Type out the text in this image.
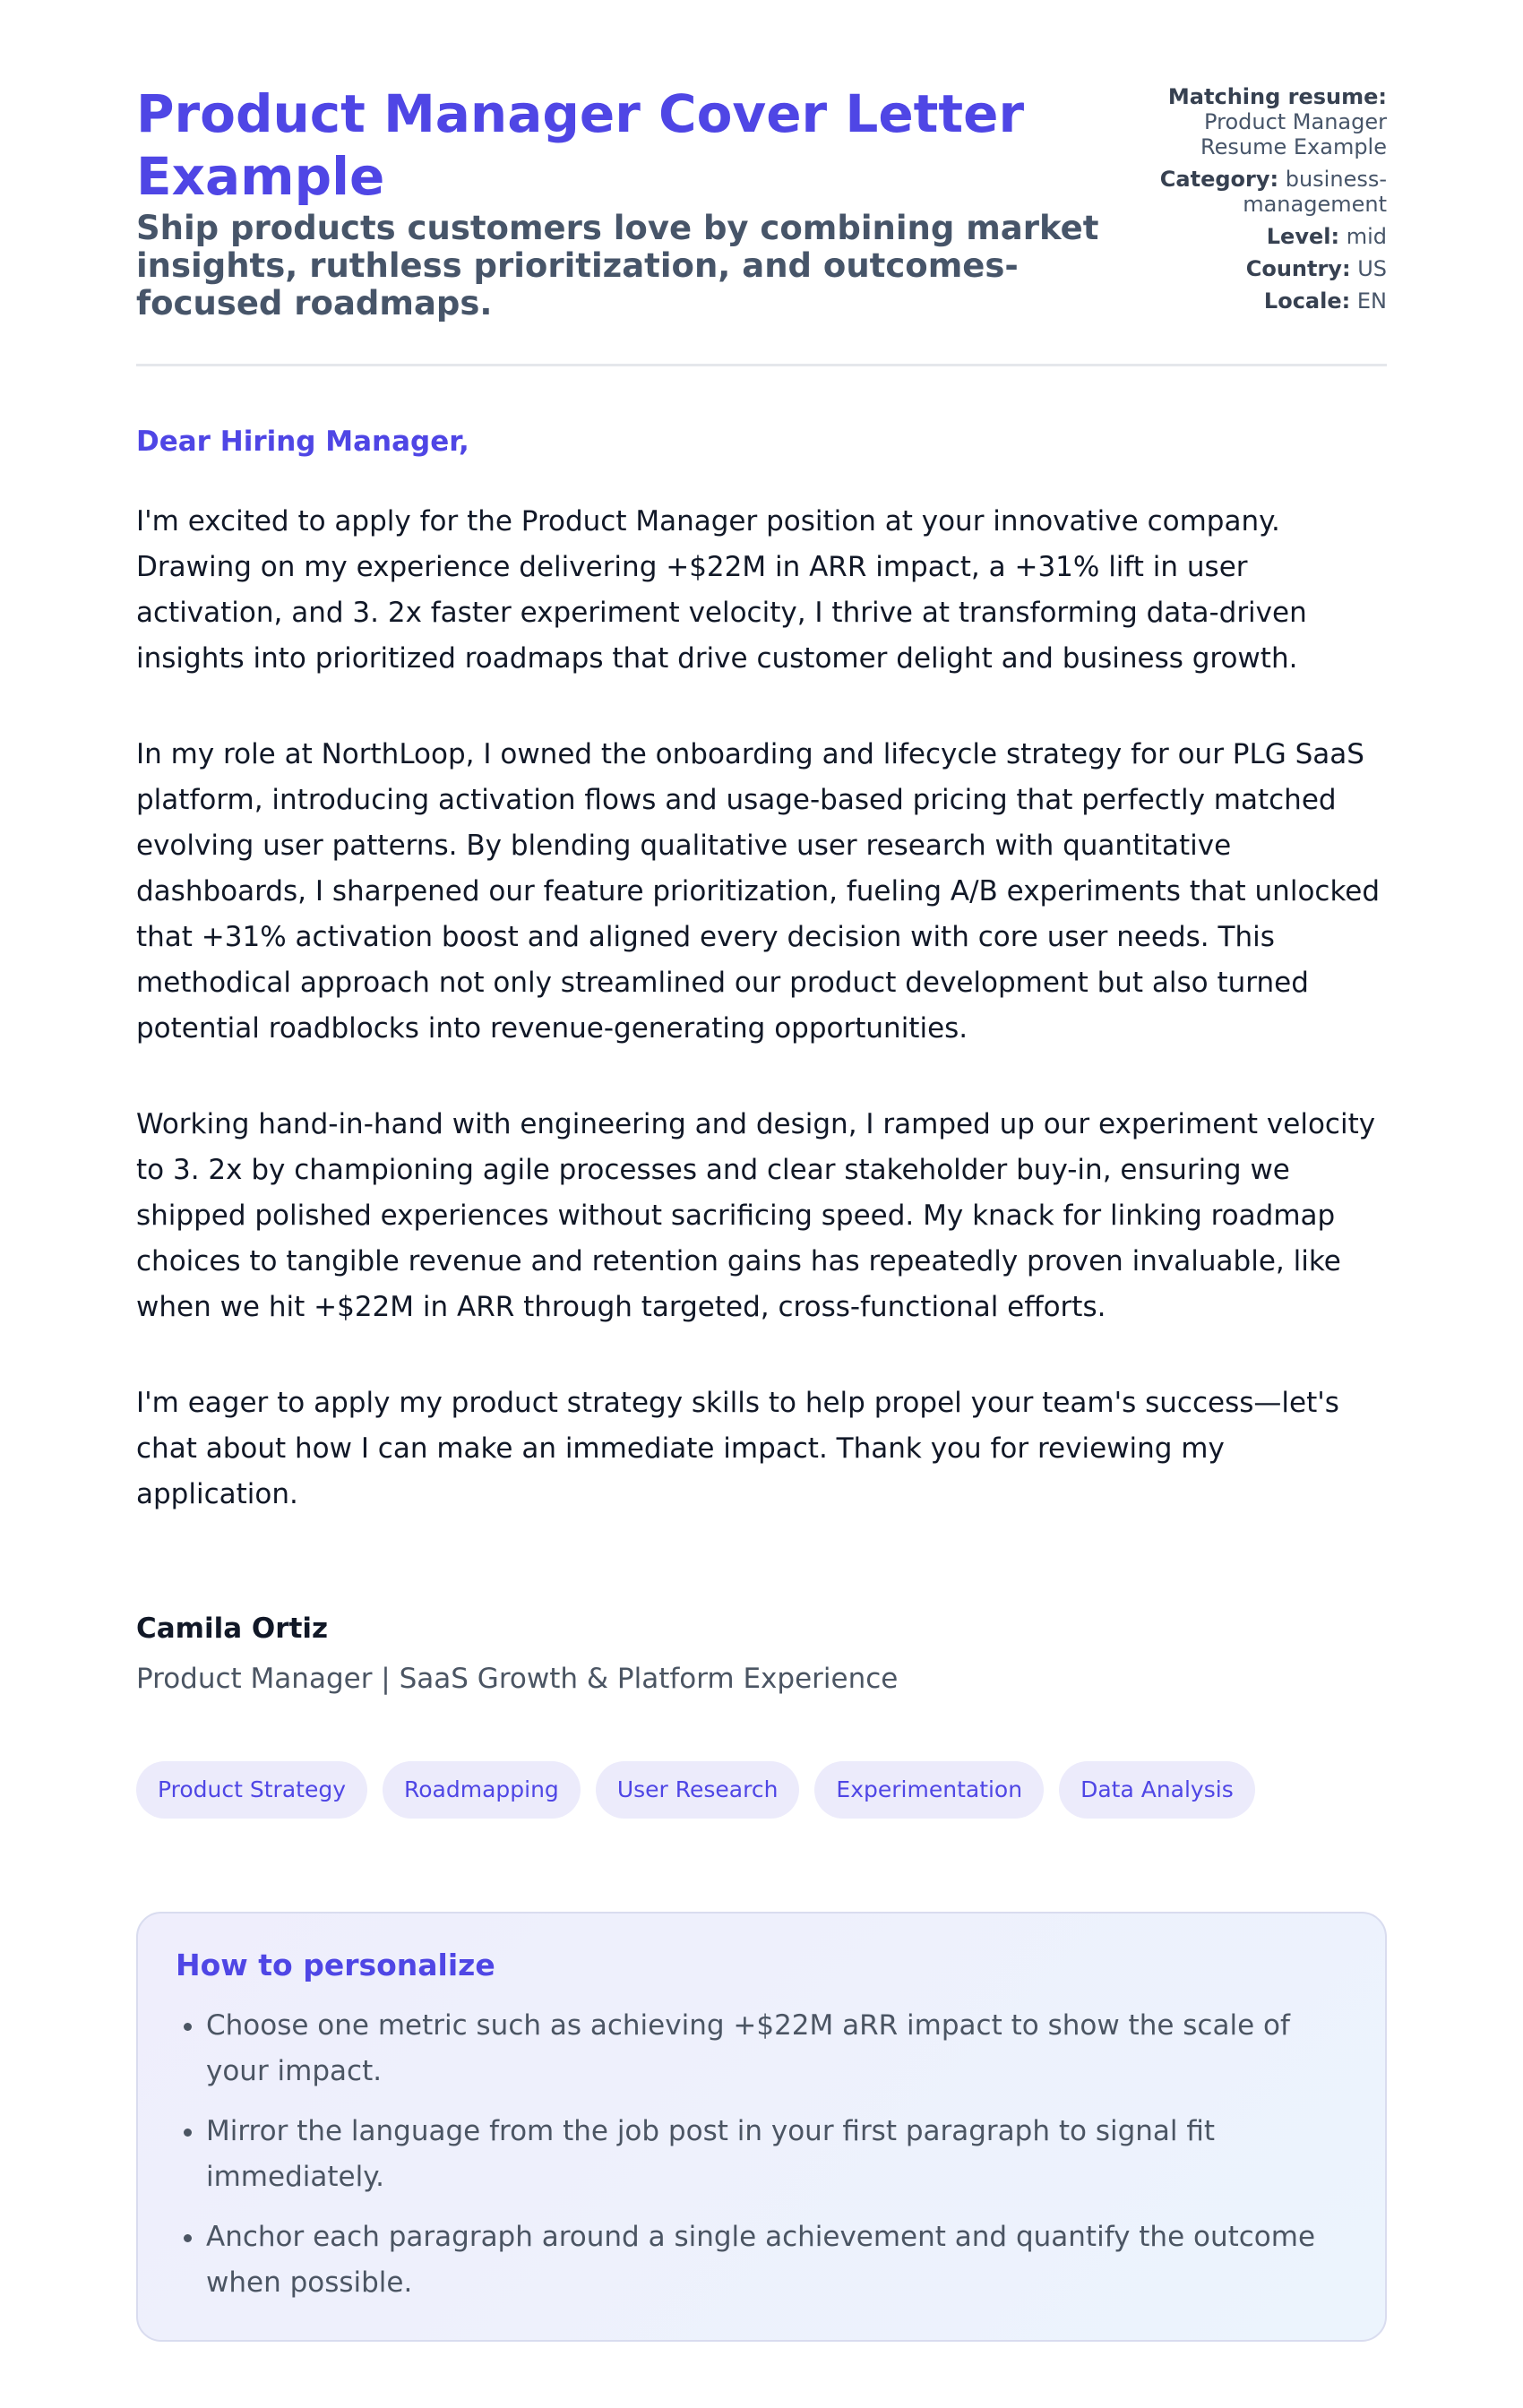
Product Manager Cover Letter Example

Ship products customers love by combining market insights, ruthless prioritization, and outcomes-focused roadmaps.

Matching resume:
Product Manager Resume Example
Category: business-management
Level: mid
Country: US
Locale: EN

Dear Hiring Manager,

I'm excited to apply for the Product Manager position at your innovative company. Drawing on my experience delivering +$22M in ARR impact, a +31% lift in user activation, and 3. 2x faster experiment velocity, I thrive at transforming data-driven insights into prioritized roadmaps that drive customer delight and business growth.

In my role at NorthLoop, I owned the onboarding and lifecycle strategy for our PLG SaaS platform, introducing activation flows and usage-based pricing that perfectly matched evolving user patterns. By blending qualitative user research with quantitative dashboards, I sharpened our feature prioritization, fueling A/B experiments that unlocked that +31% activation boost and aligned every decision with core user needs. This methodical approach not only streamlined our product development but also turned potential roadblocks into revenue-generating opportunities.

Working hand-in-hand with engineering and design, I ramped up our experiment velocity to 3. 2x by championing agile processes and clear stakeholder buy-in, ensuring we shipped polished experiences without sacrificing speed. My knack for linking roadmap choices to tangible revenue and retention gains has repeatedly proven invaluable, like when we hit +$22M in ARR through targeted, cross-functional efforts.

I'm eager to apply my product strategy skills to help propel your team's success—let's chat about how I can make an immediate impact. Thank you for reviewing my application.

Camila Ortiz
Product Manager | SaaS Growth & Platform Experience
Product Strategy	Roadmapping	User Research	Experimentation	Data Analysis
How to personalize
• Choose one metric such as achieving +$22M aRR impact to show the scale of your impact.
• Mirror the language from the job post in your first paragraph to signal fit immediately.
• Anchor each paragraph around a single achievement and quantify the outcome when possible.
